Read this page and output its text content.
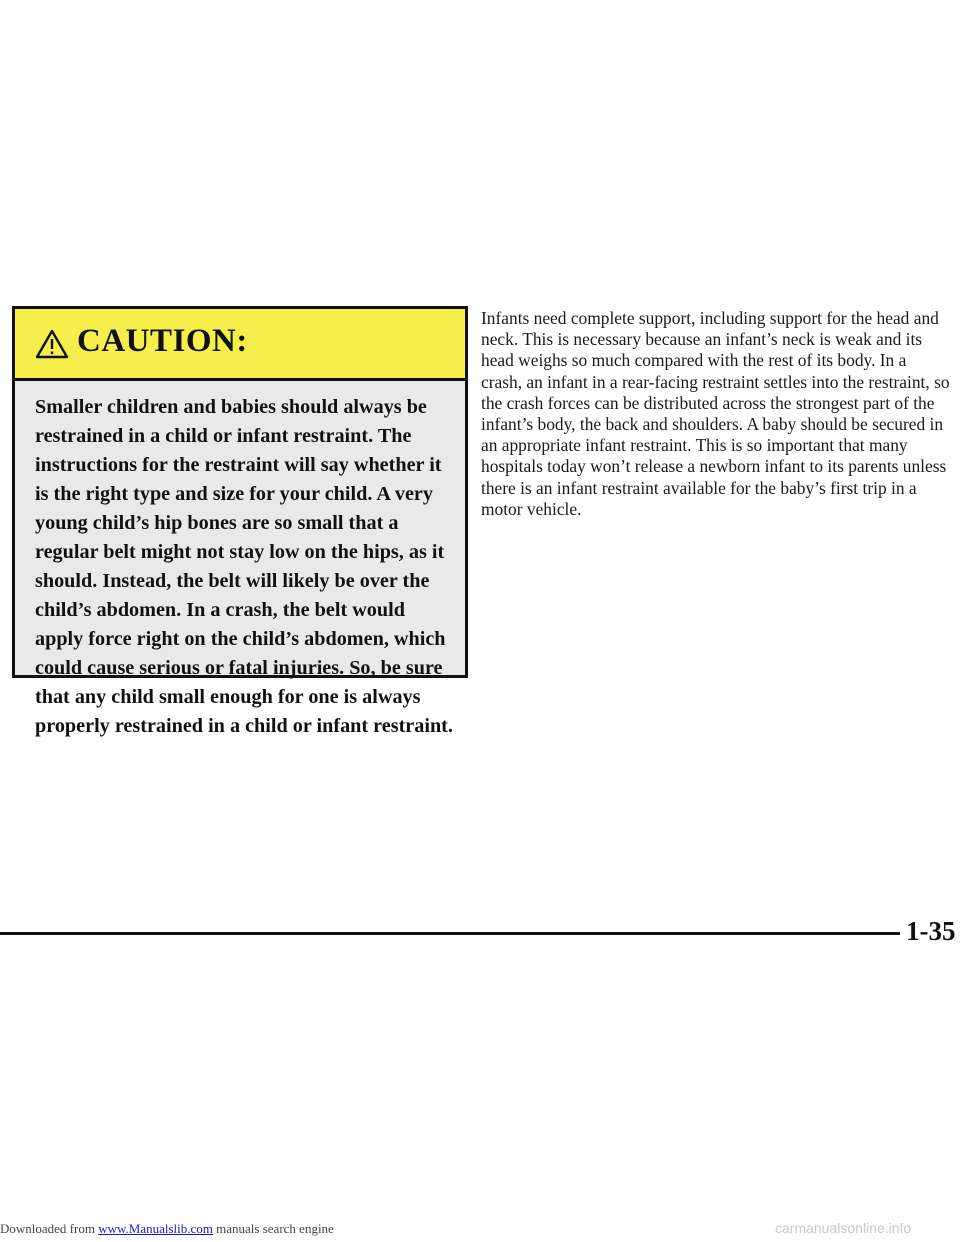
CAUTION:

Smaller children and babies should always be restrained in a child or infant restraint. The instructions for the restraint will say whether it is the right type and size for your child. A very young child’s hip bones are so small that a regular belt might not stay low on the hips, as it should. Instead, the belt will likely be over the child’s abdomen. In a crash, the belt would apply force right on the child’s abdomen, which could cause serious or fatal injuries. So, be sure that any child small enough for one is always properly restrained in a child or infant restraint.

Infants need complete support, including support for the head and neck. This is necessary because an infant’s neck is weak and its head weighs so much compared with the rest of its body. In a crash, an infant in a rear-facing restraint settles into the restraint, so the crash forces can be distributed across the strongest part of the infant’s body, the back and shoulders. A baby should be secured in an appropriate infant restraint. This is so important that many hospitals today won’t release a newborn infant to its parents unless there is an infant restraint available for the baby’s first trip in a motor vehicle.

1-35
Downloaded from www.Manualslib.com manuals search engine	carmanualsonline.info
